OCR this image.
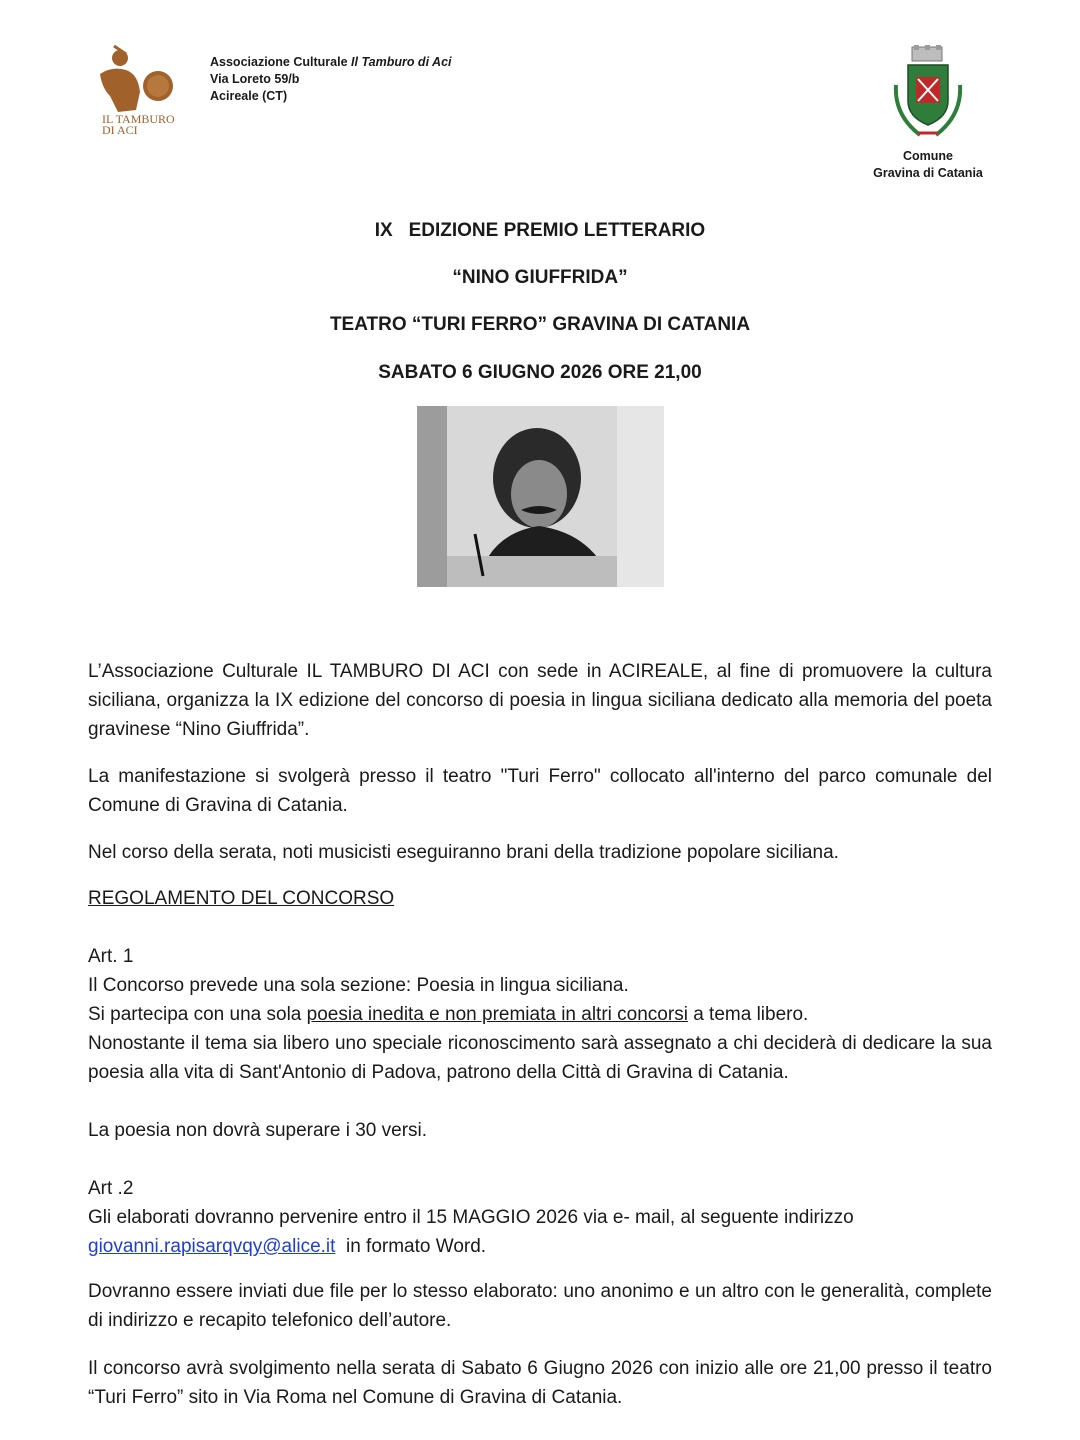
IL TAMBURO
DI ACI
Associazione Culturale Il Tamburo di Aci
Via Loreto 59/b
Acireale (CT)
Comune
Gravina di Catania
IX   EDIZIONE PREMIO LETTERARIO
“NINO GIUFFRIDA”
TEATRO “TURI FERRO” GRAVINA DI CATANIA
SABATO 6 GIUGNO 2026 ORE 21,00
L’Associazione Culturale IL TAMBURO DI ACI con sede in ACIREALE, al fine di promuovere la cultura siciliana, organizza la IX edizione del concorso di poesia in lingua siciliana dedicato alla memoria del poeta gravinese “Nino Giuffrida”.
La manifestazione si svolgerà presso il teatro "Turi Ferro" collocato all'interno del parco comunale del Comune di Gravina di Catania.
Nel corso della serata, noti musicisti eseguiranno brani della tradizione popolare siciliana.
REGOLAMENTO DEL CONCORSO
Art. 1
Il Concorso prevede una sola sezione: Poesia in lingua siciliana.
Si partecipa con una sola poesia inedita e non premiata in altri concorsi a tema libero.
Nonostante il tema sia libero uno speciale riconoscimento sarà assegnato a chi deciderà di dedicare la sua poesia alla vita di Sant'Antonio di Padova, patrono della Città di Gravina di Catania.
La poesia non dovrà superare i 30 versi.
Art .2
Gli elaborati dovranno pervenire entro il 15 MAGGIO 2026 via e- mail, al seguente indirizzo
giovanni.rapisarqvqy@alice.it  in formato Word.
Dovranno essere inviati due file per lo stesso elaborato: uno anonimo e un altro con le generalità, complete di indirizzo e recapito telefonico dell’autore.
Il concorso avrà svolgimento nella serata di Sabato 6 Giugno 2026 con inizio alle ore 21,00 presso il teatro “Turi Ferro” sito in Via Roma nel Comune di Gravina di Catania.
